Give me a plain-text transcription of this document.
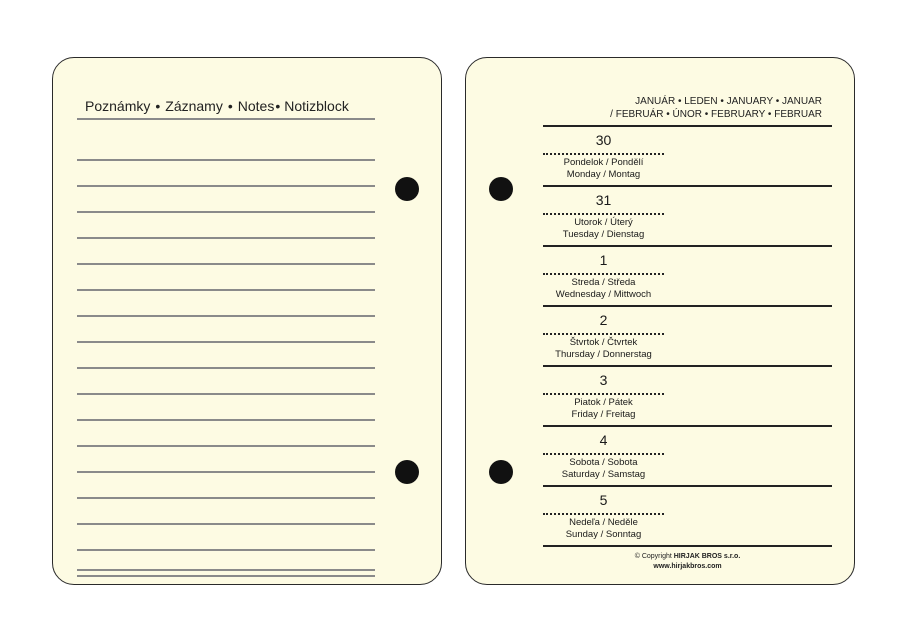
Poznámky • Záznamy • Notes• Notizblock	JANUÁR • LEDEN • JANUARY • JANUAR
/ FEBRUÁR • ÚNOR • FEBRUARY • FEBRUAR
30
Pondelok / Pondělí
Monday / Montag
31
Utorok / Úterý
Tuesday / Dienstag
1
Streda / Středa
Wednesday / Mittwoch
2
Štvrtok / Čtvrtek
Thursday / Donnerstag
3
Piatok / Pátek
Friday / Freitag
4
Sobota / Sobota
Saturday / Samstag
5
Nedeľa / Neděle
Sunday / Sonntag
© Copyright HIRJAK BROS s.r.o.
www.hirjakbros.com
